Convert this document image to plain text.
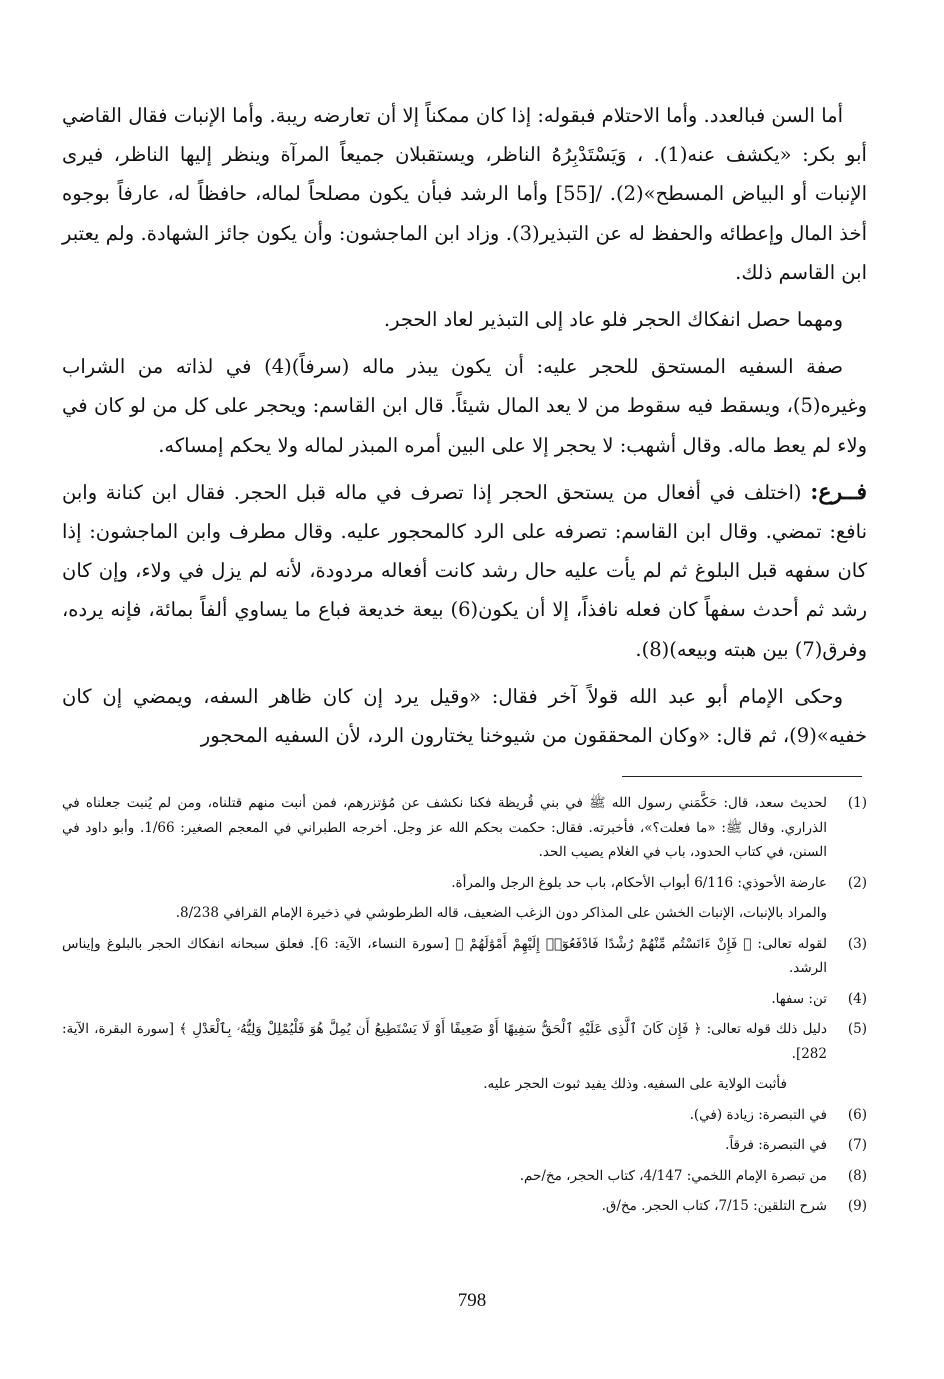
أما السن فبالعدد. وأما الاحتلام فبقوله: إذا كان ممكناً إلا أن تعارضه ريبة. وأما الإنبات فقال القاضي أبو بكر: «يكشف عنه(1). ، وَيَسْتَدْبِرُهُ الناظر، ويستقبلان جميعاً المرآة وينظر إليها الناظر، فيرى الإنبات أو البياض المسطح»(2). /[55] وأما الرشد فبأن يكون مصلحاً لماله، حافظاً له، عارفاً بوجوه أخذ المال وإعطائه والحفظ له عن التبذير(3). وزاد ابن الماجشون: وأن يكون جائز الشهادة. ولم يعتبر ابن القاسم ذلك.

ومهما حصل انفكاك الحجر فلو عاد إلى التبذير لعاد الحجر.

صفة السفيه المستحق للحجر عليه: أن يكون يبذر ماله (سرفاً)(4) في لذاته من الشراب وغيره(5)، ويسقط فيه سقوط من لا يعد المال شيئاً. قال ابن القاسم: ويحجر على كل من لو كان في ولاء لم يعط ماله. وقال أشهب: لا يحجر إلا على البين أمره المبذر لماله ولا يحكم إمساكه.

فــرع: (اختلف في أفعال من يستحق الحجر إذا تصرف في ماله قبل الحجر. فقال ابن كنانة وابن نافع: تمضي. وقال ابن القاسم: تصرفه على الرد كالمحجور عليه. وقال مطرف وابن الماجشون: إذا كان سفهه قبل البلوغ ثم لم يأت عليه حال رشد كانت أفعاله مردودة، لأنه لم يزل في ولاء، وإن كان رشد ثم أحدث سفهاً كان فعله نافذاً، إلا أن يكون(6) بيعة خديعة فباع ما يساوي ألفاً بمائة، فإنه يرده، وفرق(7) بين هبته وبيعه)(8).

وحكى الإمام أبو عبد الله قولاً آخر فقال: «وقيل يرد إن كان ظاهر السفه، ويمضي إن كان خفيه»(9)، ثم قال: «وكان المحققون من شيوخنا يختارون الرد، لأن السفيه المحجور

(1)
لحديث سعد، قال: حَكَّمَني رسول الله ﷺ في بني قُريظة فكنا نكشف عن مُؤتزرهم، فمن أنبت منهم قتلناه، ومن لم يُنبت جعلناه في الذراري. وقال ﷺ: «ما فعلت؟»، فأخبرته. فقال: حكمت بحكم الله عز وجل. أخرجه الطبراني في المعجم الصغير: 1/66. وأبو داود في السنن، في كتاب الحدود، باب في الغلام يصيب الحد.
(2)
عارضة الأحوذي: 6/116 أبواب الأحكام، باب حد بلوغ الرجل والمرأة.
والمراد بالإنبات، الإنبات الخشن على المذاكر دون الزغب الضعيف، قاله الطرطوشي في ذخيرة الإمام القرافي 8/238.
(3)
لقوله تعالى: ﴿ فَإِنْ ءَانَسْتُم مِّنْهُمْ رُشْدًا فَادْفَعُوٓا۟ إِلَيْهِمْ أَمْوَٰلَهُمْ ﴾ [سورة النساء، الآية: 6]. فعلق سبحانه انفكاك الحجر بالبلوغ وإيناس الرشد.
(4)
تن: سفها.
(5)
دليل ذلك قوله تعالى: ﴿ فَإِن كَانَ ٱلَّذِى عَلَيْهِ ٱلْحَقُّ سَفِيهًا أَوْ ضَعِيفًا أَوْ لَا يَسْتَطِيعُ أَن يُمِلَّ هُوَ فَلْيُمْلِلْ وَلِيُّهُۥ بِٱلْعَدْلِ ﴾ [سورة البقرة، الآية: 282].
فأثبت الولاية على السفيه. وذلك يفيد ثبوت الحجر عليه.
(6)
في التبصرة: زيادة (في).
(7)
في التبصرة: فرقاً.
(8)
من تبصرة الإمام اللخمي: 4/147، كتاب الحجر، مخ/حم.
(9)
شرح التلقين: 7/15، كتاب الحجر. مخ/ق.
798
